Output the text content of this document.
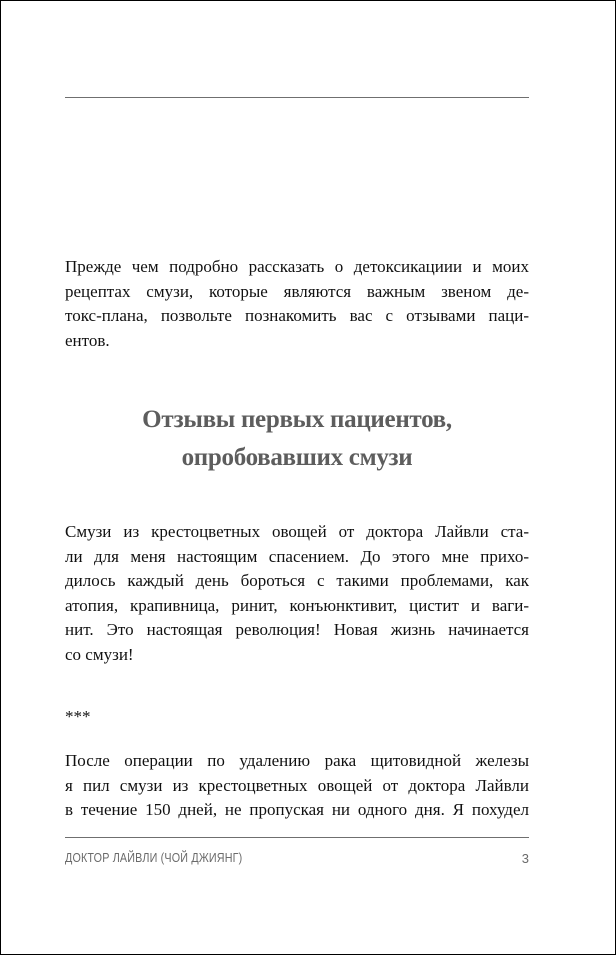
Прежде чем подробно рассказать о детоксикациии и моих
рецептах смузи, которые являются важным звеном де-
токс-плана, позвольте познакомить вас с отзывами паци-
ентов.

Отзывы первых пациентов,
опробовавших смузи

Смузи из крестоцветных овощей от доктора Лайвли ста-
ли для меня настоящим спасением. До этого мне прихо-
дилось каждый день бороться с такими проблемами, как
атопия, крапивница, ринит, конъюнктивит, цистит и ваги-
нит. Это настоящая революция! Новая жизнь начинается
со смузи!

***

После операции по удалению рака щитовидной железы
я пил смузи из крестоцветных овощей от доктора Лайвли
в течение 150 дней, не пропуская ни одного дня. Я похудел

ДОКТОР ЛАЙВЛИ (ЧОЙ ДЖИЯНГ)	3
